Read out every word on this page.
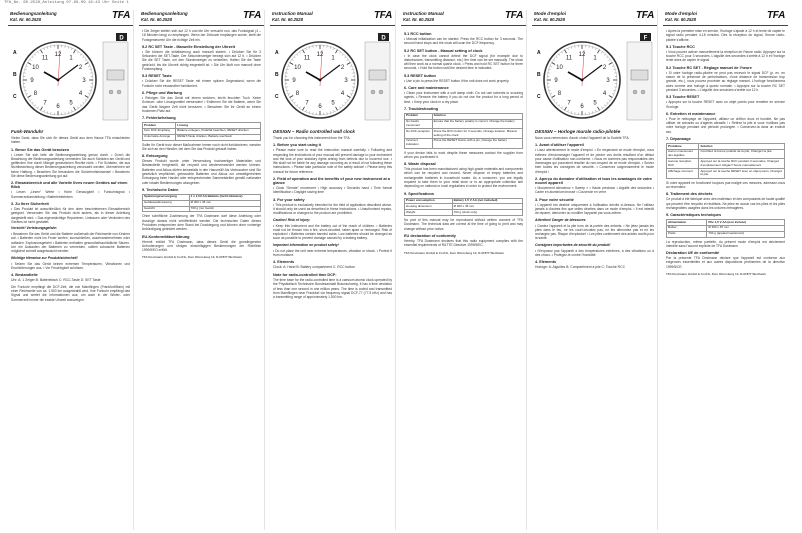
TFA_No. 60.2528_Anleitung 07.09.09 16:43 Uhr Seite 1
Bedienungsanleitung
Kat. Nr. 60.2528	TFA
12
1
2
3
4
5
6
7
8
9
10
11
D
A
B
C
Funk-Wanduhr
Vielen Dank, dass Sie sich für dieses Gerät aus dem Hause TFA entschieden haben.
1. Bevor Sie das Gerät benutzen
• Lesen Sie sich bitte die Bedienungsanleitung genau durch. • Durch die Beachtung der Bedienungsanleitung vermeiden Sie auch Schäden am Gerät und gefährden Ihre durch Mängel gesetzlichen Rechte nicht. • Für Schäden, die aus Nichtbeachtung dieser Bedienungsanleitung verursacht werden, übernehmen wir keine Haftung. • Beachten Sie besonders die Sicherheitshinweise! • Bewahren Sie diese Bedienungsanleitung gut auf.
2. Einsatzbereich und alle Vorteile Ihres neuen Gerätes auf einen Blick
• Lesen „Lesen“ Werte • Hohe Genauigkeit • Funkuhrsignal • Sommerzeitumstellung • Batteriebetrieben
3. Zu Ihrer Sicherheit
• Das Produkt ist ausschließlich für den oben beschriebenen Einsatzbereich geeignet. Verwenden Sie das Produkt nicht anders, als in dieser Anleitung dargestellt wird. • Das eigenmächtige Reparieren, Umbauen oder Verändern des Gerätes ist nicht gestattet.
Vorsicht! Verletzungsgefahr:
• Bewahren Sie das Gerät und die Batterie außerhalb der Reichweite von Kindern auf. • Batterien nicht ins Feuer werfen, kurzschließen, auseinandernehmen oder aufladen. Explosionsgefahr! • Batterien enthalten gesundheitsschädliche Säuren. Um ein Auslaufen der Batterien zu vermeiden, sollten schwache Batterien möglichst schnell ausgetauscht werden.
Wichtige Hinweise zur Produktsicherheit!
• Setzen Sie das Gerät keinen extremen Temperaturen, Vibrationen und Erschütterungen aus. • Vor Feuchtigkeit schützen.
4. Bestandteile
Uhr: A: 1 Zeiger B: Batteriefach C: RCC-Taste D: SET Taste
Die Funkuhr empfängt die DCF-Zeit, die von Mainflingen (Frankfurt/Main) mit einer Reichweite von ca. 1.500 km ausgestrahlt wird. Ihre Funkuhr empfängt das Signal und wertet die Informationen aus, um auch in der Winter- oder Sommerzeit immer die exakte Uhrzeit anzuzeigen.
Bedienungsanleitung
Kat. Nr. 60.2528	TFA
• Die Zeiger stellen sich auf 12 h und die Uhr versucht nun, das Funksignal (4 – 18 Minuten lang) zu empfangen. Wenn der Zeitcode empfangen wurde, stellt die Funkgesteuerte Uhr die richtige Zeit ein.
5.2 RC SET Taste - Manuelle Einstellung der Uhrzeit
• Sie können die Initialisierung auch manuell starten. • Drücken Sie für 3 Sekunden die SET-Taste. Der Sekundenzeiger bewegt sich auf 12 h. • Drücken Sie die SET Taste, um den Stundenzeiger zu verstellen. Halten Sie die Taste gedrückt, bis die Uhrzeit richtig eingestellt ist. • Die Uhr läuft nun manuell ohne Funkempfang.
5.3 RESET Taste
• Drücken Sie die RESET Taste mit einem spitzen Gegenstand, wenn die Funkuhr nicht einwandfrei funktioniert.
6. Pflege und Wartung
• Reinigen Sie das Gerät mit einem weichen, leicht feuchten Tuch. Keine Scheuer- oder Lösungsmittel verwenden! • Entfernen Sie die Batterie, wenn Sie das Gerät längere Zeit nicht benutzen. • Bewahren Sie Ihr Gerät an einem trockenen Platz auf.
7. Fehlerbehebung
Problem	Lösung
Kein DCF-Empfang	Batterie einlegen, Polarität beachten, RESET drücken
Unkorrekte Anzeige	RESET-Taste drücken, Batterie wechseln
Sollte Ihr Gerät trotz dieser Maßnahmen immer noch nicht funktionieren, wenden Sie sich an den Händler, bei dem Sie das Produkt gekauft haben.
8. Entsorgung
Dieses Produkt wurde unter Verwendung hochwertiger Materialien und Bestandteile hergestellt, die recycelt und wiederverwendet werden können. Batterien und Akkus dürfen keinesfalls in den Hausmüll! Als Verbraucher sind Sie gesetzlich verpflichtet, gebrauchte Batterien und Akkus zur umweltgerechten Entsorgung beim Handel oder entsprechenden Sammelstellen gemäß nationaler oder lokaler Bestimmungen abzugeben.
9. Technische Daten
Spannungsversorgung	1 x 1,5V AA Batterie (nicht inklusive)
Gehäuseabmessung	Ø 300 x 45 mm
Gewicht	700 g (nur Gerät)
Ohne schriftliche Zustimmung der TFA Dostmann darf diese Anleitung oder Auszüge daraus nicht veröffentlicht werden. Die technischen Daten dieses Produktes entsprechen dem Stand bei Drucklegung und können ohne vorherige Ankündigung geändert werden.
EU-Konformitätserklärung
Hiermit erklärt TFA Dostmann, dass dieses Gerät die grundlegenden Anforderungen und übrigen einschlägigen Bestimmungen der Richtlinie 1999/5/EG erfüllt.
TFA Dostmann GmbH & Co.KG, Zum Ottersberg 12, D-97877 Wertheim
Instruction Manual
Kat. Nr. 60.2528	TFA
12
1
2
3
4
5
6
7
8
9
10
11
D
A
B
C
DESIGN – Radio controlled wall clock
Thank you for choosing this instrument from the TFA.
1. Before you start using it
• Please make sure to read the instruction manual carefully. • Following and respecting the instructions of your manual will prevent damage to your instrument and the loss of your statutory rights arising from defects due to incorrect use. • We shall not be liable for any damage occurring as a result of not following these instructions. • Please take particular note of the safety advice! • Please keep this manual for future reference.
2. Field of operation and the benefits of your new instrument at a glance
• Clock “Senate” movement • High accuracy • Seconds hand • Time format identification • Daylight saving time
3. For your safety
• This product is exclusively intended for the field of application described above. It should only be used as described in these instructions. • Unauthorised repairs, modifications or changes to the product are prohibited.
Caution! Risk of injury:
• Keep this instrument and the battery out of the reach of children. • Batteries must not be thrown into a fire, short-circuited, taken apart or recharged. Risk of explosion! • Batteries contain harmful acids. Low batteries should be changed as soon as possible to prevent damage caused by a leaking battery.
Important information on product safety!
• Do not place the unit near extreme temperatures, vibration or shock. • Protect it from moisture.
4. Elements
Clock: A: Hand B: Battery compartment C: RCC button
Note for radio-controlled time DCF:
The time base for the radio-controlled time is a caesium atomic clock operated by the Physikalisch Technische Bundesanstalt Braunschweig. It has a time deviation of less than one second in one million years. The time is coded and transmitted from Mainflingen near Frankfurt via frequency signal DCF-77 (77.5 kHz) and has a transmitting range of approximately 1,500 km.
Instruction Manual
Kat. Nr. 60.2528	TFA
5.1 RCC button
• Manual initialization can be started. Press the RCC button for 3 seconds. The second hand stops and the clock will scan the DCF frequency.
5.2 RC SET button - Manual setting of clock
• In case the clock cannot detect the DCF signal (for example due to disturbances, transmitting distance, etc.) the time can be set manually. The clock will then work as a normal quartz clock. • Press and hold RC SET button for three seconds. • Hold the button until the desired time is indicated.
5.3 RESET button
• Use a pin to press the RESET button if the unit does not work properly.
6. Care and maintenance
• Clean your instrument with a soft damp cloth. Do not use solvents or scouring agents. • Remove the battery if you do not use the product for a long period of time. • Keep your clock in a dry place.
7. Troubleshooting
Problem	Solution
No hands movement	Ensure that the battery polarity is correct, Change the battery
No DCF reception	Press the RCC button for 3 seconds, Change location, Manual setting of the clock
Incorrect indication	Press the RESET button with a pin, Change the battery
If your device fails to work despite these measures contact the supplier from whom you purchased it.
8. Waste disposal
This product has been manufactured using high-grade materials and components which can be recycled and reused. Never dispose of empty batteries and rechargeable batteries in household waste. As a consumer, you are legally required to take them to your retail store or to an appropriate collection site depending on national or local regulations in order to protect the environment.
9. Specifications
Power consumption	Battery 1,5 V AA (not included)
Housing dimension	Ø 300 x 45 mm
Weight	700 g (clock only)
No part of this manual may be reproduced without written consent of TFA Dostmann. The technical data are correct at the time of going to print and may change without prior notice.
EU declaration of conformity
Hereby, TFA Dostmann declares that this radio equipment complies with the essential requirements of R&TTE Directive 1999/5/EC.
TFA Dostmann GmbH & Co.KG, Zum Ottersberg 12, D-97877 Wertheim
Mode d'emploi
Kat. Nr. 60.2528	TFA
12
1
2
3
4
5
6
7
8
9
10
11
F
A
B
C
DESIGN – Horloge murale radio-pilotée
Nous vous remercions d'avoir choisi l'appareil de la Société TFA.
1. Avant d'utiliser l'appareil
• Lisez attentivement le mode d'emploi. • En respectant ce mode d'emploi, vous éviterez d'endommager l'appareil et de perdre vos droits résultant d'un défaut pour cause d'utilisation non-conforme. • Nous ne sommes pas responsables des dommages qui pourraient résulter du non-respect de ce mode d'emploi. • Suivez bien toutes les consignes de sécurité. • Conservez soigneusement le mode d'emploi !
2. Aperçu du domaine d'utilisation et tous les avantages de votre nouvel appareil
• Mouvement silencieux « Sweep » • Haute précision • Aiguille des secondes • Cadre en aluminium brossé • Couvercle en verre
3. Pour votre sécurité
• L'appareil est destiné uniquement à l'utilisation décrite ci-dessus. Ne l'utilisez jamais à d'autres fins que celles décrites dans ce mode d'emploi. • Il est interdit de réparer, démonter ou modifier l'appareil par vous-même.
Attention! Danger de blessures:
• Gardez l'appareil et la pile hors de la portée des enfants. • Ne jetez jamais les piles dans le feu, ne les court-circuitez pas, ne les démontez pas et ne les rechargez pas. Risque d'explosion! • Les piles contiennent des acides nocifs pour la santé.
Consignes importantes de sécurité du produit!
• N'exposez pas l'appareil à des températures extrêmes, à des vibrations ou à des chocs. • Protégez-le contre l'humidité.
4. Eléments
Horloge: A: Aiguilles B: Compartiment à pile C: Touche RCC
Mode d'emploi
Kat. Nr. 60.2528	TFA
• Après la première mise en service, l'horloge s'ajuste à 12 h et tente de capter le signal radio pendant 4-18 minutes. Dès la réception du signal, l'heure radio-pilotée s'affiche.
5.1 Touche RCC
• Vous pouvez activer manuellement la réception de l'heure radio. Appuyez sur la touche RCC pour 3 secondes. L'aiguille des secondes s'arrête à 12 h et l'horloge tente alors de capter le signal.
5.2 Touche RC SET - Réglage manuel de l'heure
• Si votre horloge radio-pilotée ne peut pas recevoir le signal DCF (p. ex. en raison de la présence de perturbations, d'une distance de transmission trop grande, etc.), vous pouvez procéder au réglage manuel. L'horloge fonctionnera alors comme une horloge à quartz normale. • Appuyez sur la touche RC SET pendant 3 secondes. • L'aiguille des secondes s'arrête sur 12 h.
5.3 Touche RESET
• Appuyez sur la touche RESET avec un objet pointu pour remettre en service l'horloge.
6. Entretien et maintenance
• Pour le nettoyage de l'appareil, utilisez un chiffon doux et humide. Ne pas utiliser de solvants ou d'agents abrasifs ! • Retirez la pile si vous n'utilisez pas votre horloge pendant une période prolongée. • Conservez-la dans un endroit sec.
7. Dépannage
Problème	Solution
Aucun mouvement des aiguilles	Contrôlez la bonne polarité de la pile, Changez la pile
Aucune réception DCF	Appuyez sur la touche RCC pendant 3 secondes, Changez d'emplacement, Réglez l'heure manuellement
Affichage incorrect	Appuyez sur la touche RESET avec un objet pointu, Changez la pile
Si votre appareil ne fonctionne toujours pas malgré ces mesures, adressez-vous au revendeur.
8. Traitement des déchets
Ce produit a été fabriqué avec des matériaux et des composants de haute qualité qui peuvent être recyclés et réutilisés. Ne jetez en aucun cas les piles et les piles rechargeables usagées dans les ordures ménagères.
9. Caractéristiques techniques
Alimentation	Pile 1,5 V AA (non incluse)
Boîtier	Ø 300 x 45 mm
Poids	700 g (appareil seulement)
La reproduction, même partielle, du présent mode d'emploi est strictement interdite sans l'accord explicite de TFA Dostmann.
Déclaration UE de conformité
Par la présente TFA Dostmann déclare que l'appareil est conforme aux exigences essentielles et aux autres dispositions pertinentes de la directive 1999/5/CE.
TFA Dostmann GmbH & Co.KG, Zum Ottersberg 12, D-97877 Wertheim
